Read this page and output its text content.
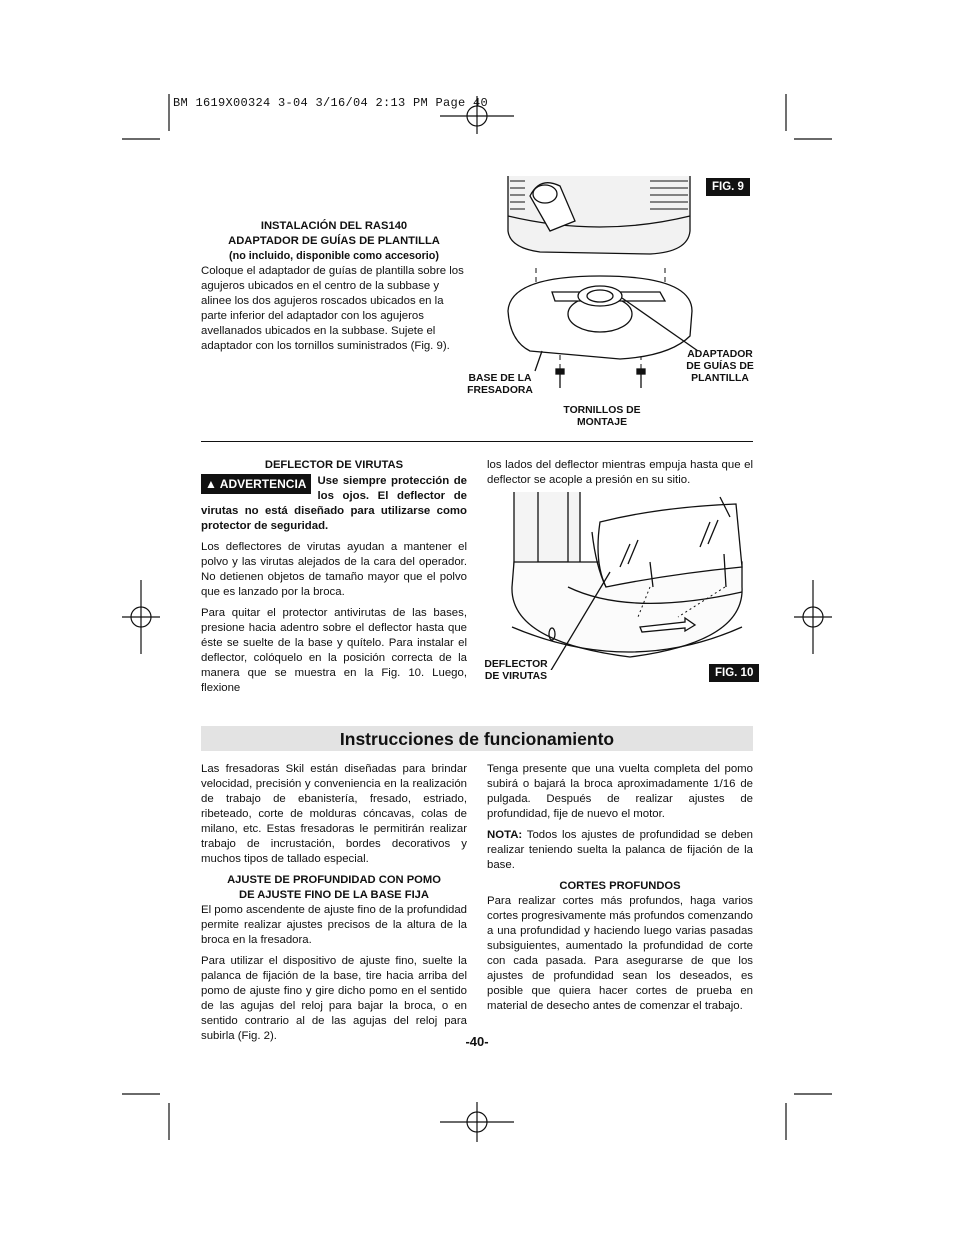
BM 1619X00324 3-04 3/16/04 2:13 PM Page 40
INSTALACIÓN DEL RAS140
ADAPTADOR DE GUÍAS DE PLANTILLA
(no incluido, disponible como accesorio)
Coloque el adaptador de guías de plantilla sobre los agujeros ubicados en el centro de la subbase y alinee los dos agujeros roscados ubicados en la parte inferior del adaptador con los agujeros avellanados ubicados en la subbase. Sujete el adaptador con los tornillos suministrados (Fig. 9).
FIG. 9
ADAPTADOR
DE GUÍAS DE
PLANTILLA
BASE DE LA
FRESADORA
TORNILLOS DE
MONTAJE
DEFLECTOR DE VIRUTAS
▲ ADVERTENCIA Use siempre protección de los ojos. El deflector de virutas no está diseñado para utilizarse como protector de seguridad.

Los deflectores de virutas ayudan a mantener el polvo y las virutas alejados de la cara del operador. No detienen objetos de tamaño mayor que el polvo que es lanzado por la broca.

Para quitar el protector antivirutas de las bases, presione hacia adentro sobre el deflector hasta que éste se suelte de la base y quítelo. Para instalar el deflector, colóquelo en la posición correcta de la manera que se muestra en la Fig. 10. Luego, flexione

los lados del deflector mientras empuja hasta que el deflector se acople a presión en su sitio.
DEFLECTOR
DE VIRUTAS	FIG. 10
Instrucciones de funcionamiento
Las fresadoras Skil están diseñadas para brindar velocidad, precisión y conveniencia en la realización de trabajo de ebanistería, fresado, estriado, ribeteado, corte de molduras cóncavas, colas de milano, etc. Estas fresadoras le permitirán realizar trabajo de incrustación, bordes decorativos y muchos tipos de tallado especial.
AJUSTE DE PROFUNDIDAD CON POMO
DE AJUSTE FINO DE LA BASE FIJA

El pomo ascendente de ajuste fino de la profundidad permite realizar ajustes precisos de la altura de la broca en la fresadora.

Para utilizar el dispositivo de ajuste fino, suelte la palanca de fijación de la base, tire hacia arriba del pomo de ajuste fino y gire dicho pomo en el sentido de las agujas del reloj para bajar la broca, o en sentido contrario al de las agujas del reloj para subirla (Fig. 2).

Tenga presente que una vuelta completa del pomo subirá o bajará la broca aproximadamente 1/16 de pulgada. Después de realizar ajustes de profundidad, fije de nuevo el motor.

NOTA: Todos los ajustes de profundidad se deben realizar teniendo suelta la palanca de fijación de la base.

CORTES PROFUNDOS
Para realizar cortes más profundos, haga varios cortes progresivamente más profundos comenzando a una profundidad y haciendo luego varias pasadas subsiguientes, aumentado la profundidad de corte con cada pasada. Para asegurarse de que los ajustes de profundidad sean los deseados, es posible que quiera hacer cortes de prueba en material de desecho antes de comenzar el trabajo.
-40-
